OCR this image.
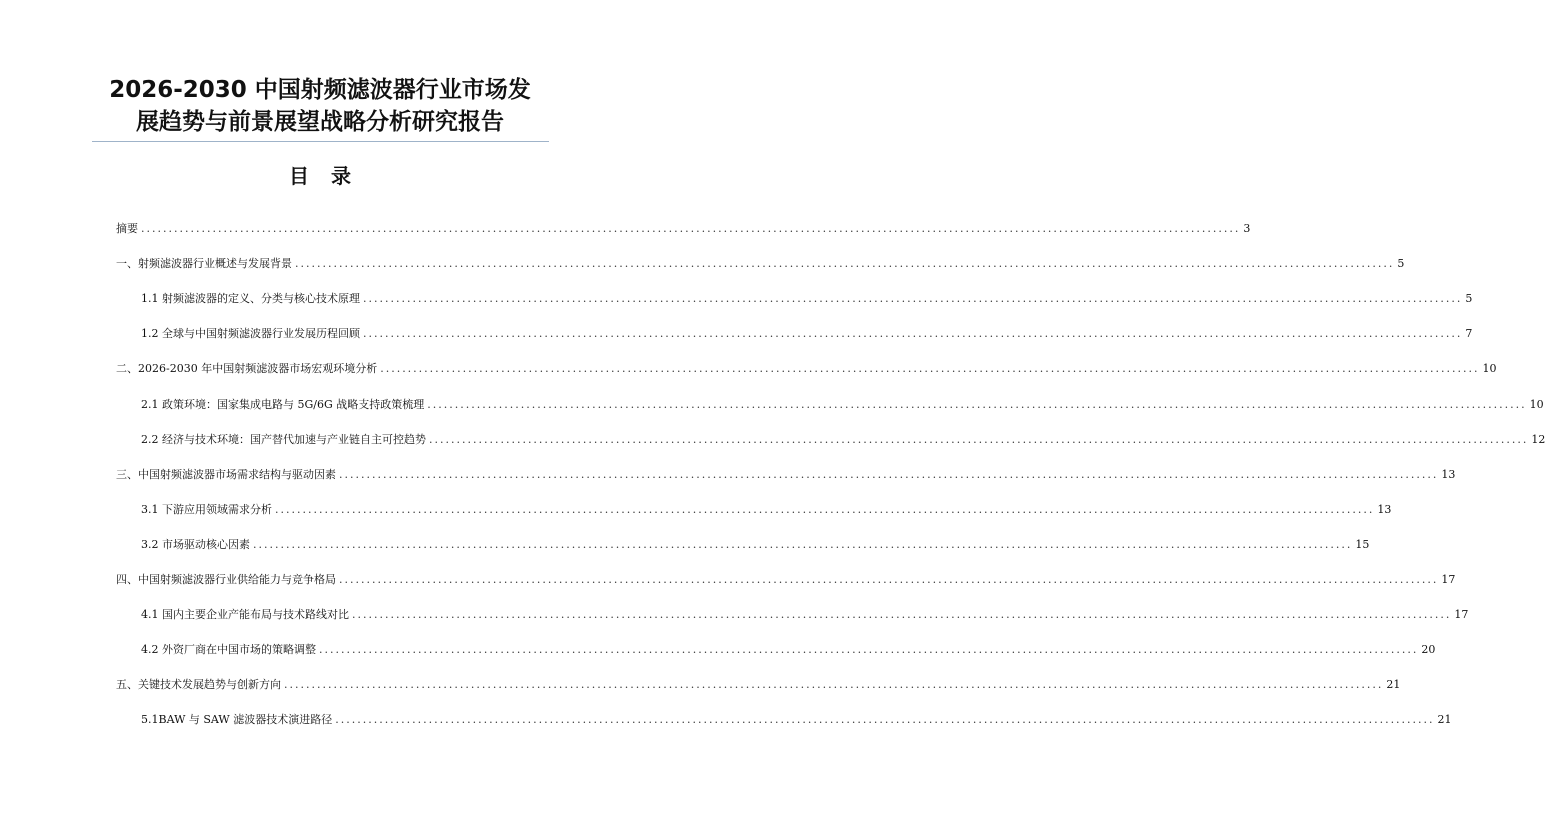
2026-2030 中国射频滤波器行业市场发
展趋势与前景展望战略分析研究报告
目录
摘要 ........................................................................................................................................................................................................ 3
一、射频滤波器行业概述与发展背景 ........................................................................................................................................................................................................ 5
1.1 射频滤波器的定义、分类与核心技术原理 ........................................................................................................................................................................................................ 5
1.2 全球与中国射频滤波器行业发展历程回顾 ........................................................................................................................................................................................................ 7
二、2026-2030 年中国射频滤波器市场宏观环境分析 ........................................................................................................................................................................................................ 10
2.1 政策环境：国家集成电路与 5G/6G 战略支持政策梳理 ........................................................................................................................................................................................................ 10
2.2 经济与技术环境：国产替代加速与产业链自主可控趋势 ........................................................................................................................................................................................................ 12
三、中国射频滤波器市场需求结构与驱动因素 ........................................................................................................................................................................................................ 13
3.1 下游应用领域需求分析 ........................................................................................................................................................................................................ 13
3.2 市场驱动核心因素 ........................................................................................................................................................................................................ 15
四、中国射频滤波器行业供给能力与竞争格局 ........................................................................................................................................................................................................ 17
4.1 国内主要企业产能布局与技术路线对比 ........................................................................................................................................................................................................ 17
4.2 外资厂商在中国市场的策略调整 ........................................................................................................................................................................................................ 20
五、关键技术发展趋势与创新方向 ........................................................................................................................................................................................................ 21
5.1BAW 与 SAW 滤波器技术演进路径 ........................................................................................................................................................................................................ 21
